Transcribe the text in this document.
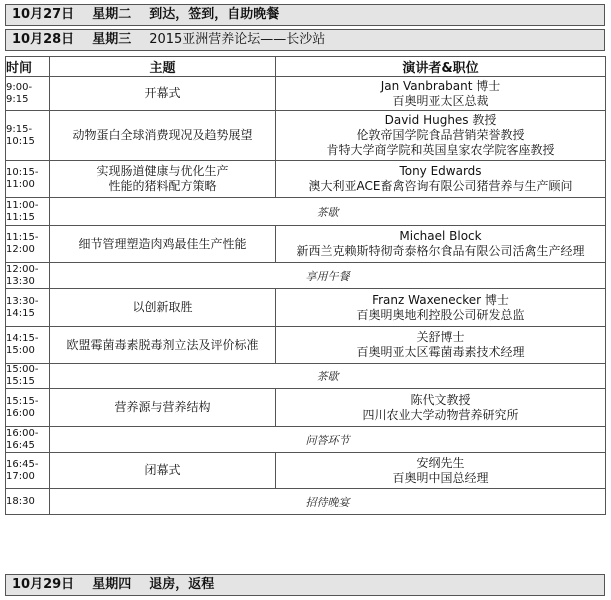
10月27日 星期二 到达，签到，自助晚餐
10月28日 星期三 2015亚洲营养论坛——长沙站
时间	主题	演讲者&职位

9:00-
9:15	开幕式	Jan Vanbrabant 博士
百奥明亚太区总裁

9:15-
10:15	动物蛋白全球消费现况及趋势展望	David Hughes 教授
伦敦帝国学院食品营销荣誉教授
肯特大学商学院和英国皇家农学院客座教授

10:15-
11:00	实现肠道健康与优化生产
性能的猪料配方策略	Tony Edwards
澳大利亚ACE畜禽咨询有限公司猪营养与生产顾问

11:00-
11:15	茶歇	

11:15-
12:00	细节管理塑造肉鸡最佳生产性能	Michael Block
新西兰克赖斯特彻奇泰格尔食品有限公司活禽生产经理

12:00-
13:30	享用午餐	

13:30-
14:15	以创新取胜	Franz Waxenecker 博士
百奥明奥地利控股公司研发总监

14:15-
15:00	欧盟霉菌毒素脱毒剂立法及评价标准	关舒博士
百奥明亚太区霉菌毒素技术经理

15:00-
15:15	茶歇	

15:15-
16:00	营养源与营养结构	陈代文教授
四川农业大学动物营养研究所

16:00-
16:45	问答环节	

16:45-
17:00	闭幕式	安纲先生
百奥明中国总经理

18:30	招待晚宴	
10月29日 星期四 退房，返程
